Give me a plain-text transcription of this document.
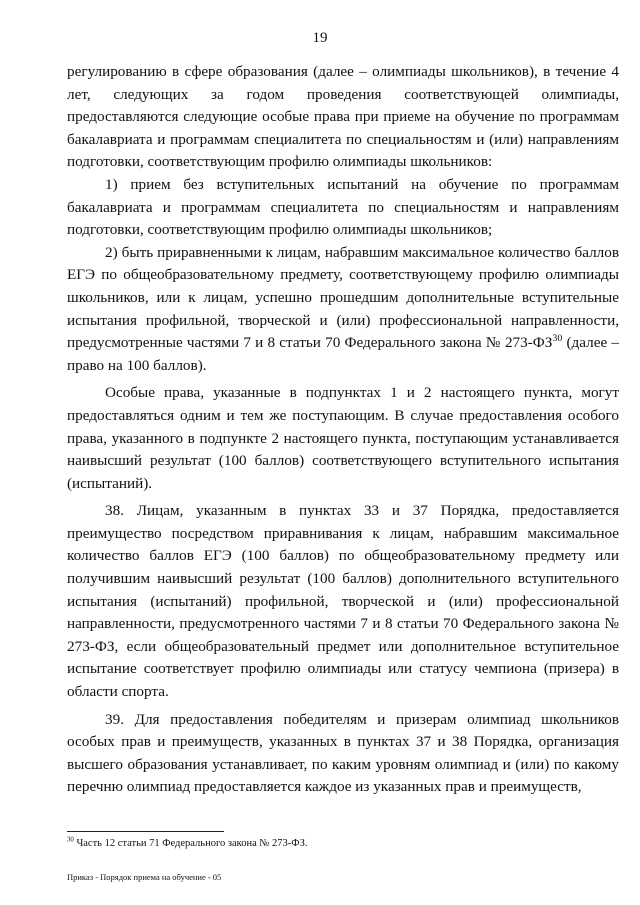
19

регулированию в сфере образования (далее – олимпиады школьников), в течение 4 лет, следующих за годом проведения соответствующей олимпиады, предоставляются следующие особые права при приеме на обучение по программам бакалавриата и программам специалитета по специальностям и (или) направлениям подготовки, соответствующим профилю олимпиады школьников:

1) прием без вступительных испытаний на обучение по программам бакалавриата и программам специалитета по специальностям и направлениям подготовки, соответствующим профилю олимпиады школьников;

2) быть приравненными к лицам, набравшим максимальное количество баллов ЕГЭ по общеобразовательному предмету, соответствующему профилю олимпиады школьников, или к лицам, успешно прошедшим дополнительные вступительные испытания профильной, творческой и (или) профессиональной направленности, предусмотренные частями 7 и 8 статьи 70 Федерального закона № 273-ФЗ$^{30}$ (далее – право на 100 баллов).

Особые права, указанные в подпунктах 1 и 2 настоящего пункта, могут предоставляться одним и тем же поступающим. В случае предоставления особого права, указанного в подпункте 2 настоящего пункта, поступающим устанавливается наивысший результат (100 баллов) соответствующего вступительного испытания (испытаний).

38. Лицам, указанным в пунктах 33 и 37 Порядка, предоставляется преимущество посредством приравнивания к лицам, набравшим максимальное количество баллов ЕГЭ (100 баллов) по общеобразовательному предмету или получившим наивысший результат (100 баллов) дополнительного вступительного испытания (испытаний) профильной, творческой и (или) профессиональной направленности, предусмотренного частями 7 и 8 статьи 70 Федерального закона № 273-ФЗ, если общеобразовательный предмет или дополнительное вступительное испытание соответствует профилю олимпиады или статусу чемпиона (призера) в области спорта.

39. Для предоставления победителям и призерам олимпиад школьников особых прав и преимуществ, указанных в пунктах 37 и 38 Порядка, организация высшего образования устанавливает, по каким уровням олимпиад и (или) по какому перечню олимпиад предоставляется каждое из указанных прав и преимуществ,

$^{30}$ Часть 12 статьи 71 Федерального закона № 273-ФЗ.
Приказ - Порядок приема на обучение - 05
